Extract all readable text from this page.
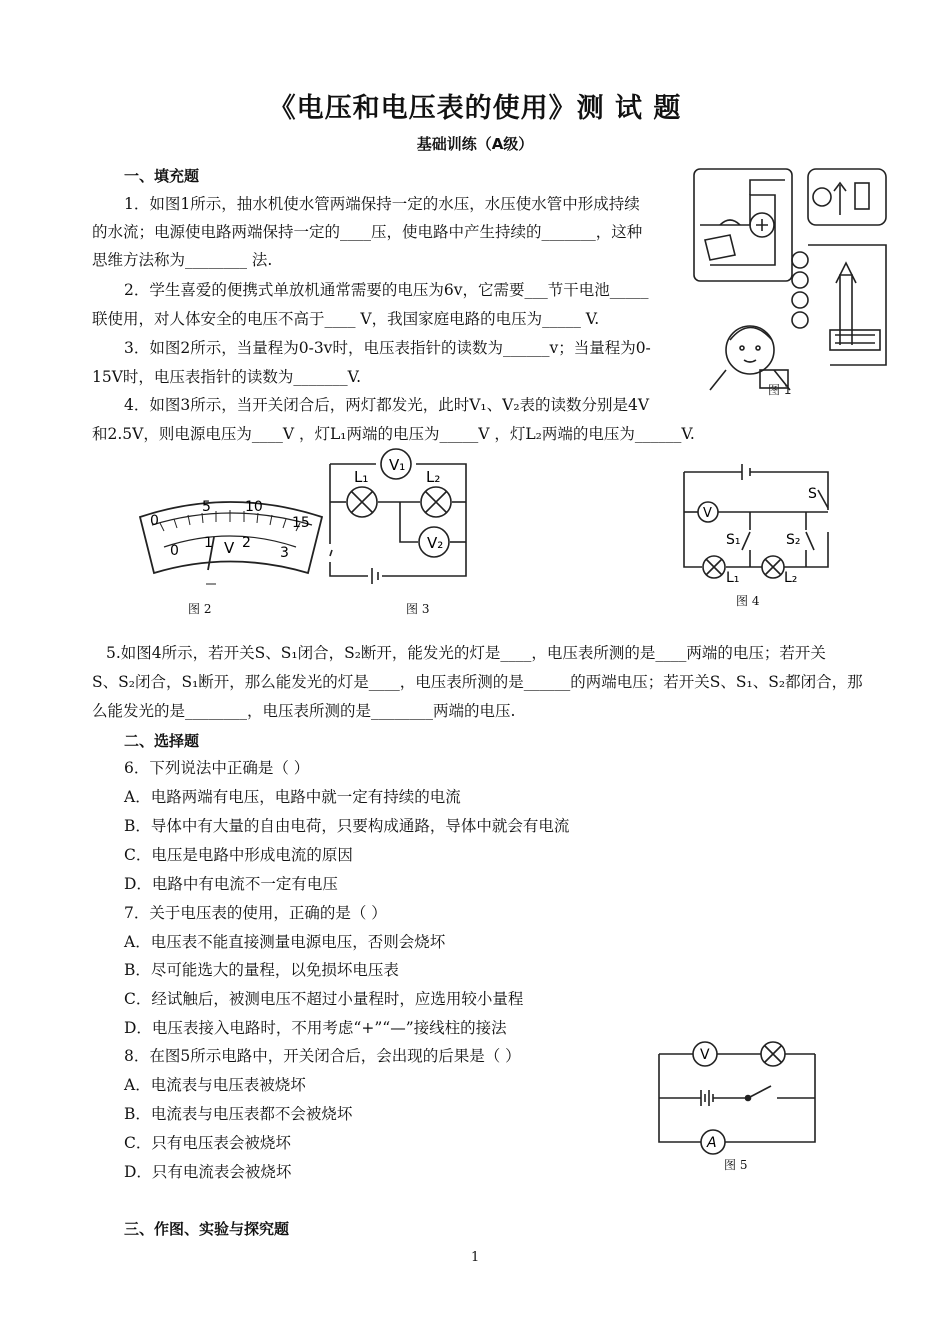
《电压和电压表的使用》测 试 题
基础训练（A级）
一、填充题
1．如图1所示，抽水机使水管两端保持一定的水压，水压使水管中形成持续
的水流；电源使电路两端保持一定的____压，使电路中产生持续的_______，这种
思维方法称为________ 法.
2．学生喜爱的便携式单放机通常需要的电压为6v，它需要___节干电池_____
联使用，对人体安全的电压不高于____ V，我国家庭电路的电压为_____ V.
3．如图2所示，当量程为0-3v时，电压表指针的读数为______v；当量程为0-
15V时，电压表指针的读数为_______V.
4．如图3所示，当开关闭合后，两灯都发光，此时V₁、V₂表的读数分别是4V
和2.5V，则电源电压为____V ，灯L₁两端的电压为_____V ，灯L₂两端的电压为______V.
图 1
0
5 10
15
0 1 2
3
V
图 2
V₁
V₂
L₁	L₂
图 3
V
S
S₁	S₂
L₁	L₂
图 4
5.如图4所示，若开关S、S₁闭合，S₂断开，能发光的灯是____，电压表所测的是____两端的电压；若开关
S、S₂闭合，S₁断开，那么能发光的灯是____，电压表所测的是______的两端电压；若开关S、S₁、S₂都闭合，那
么能发光的是________，电压表所测的是________两端的电压.
二、选择题
6．下列说法中正确是（ ）
A．电路两端有电压，电路中就一定有持续的电流
B．导体中有大量的自由电荷，只要构成通路，导体中就会有电流
C．电压是电路中形成电流的原因
D．电路中有电流不一定有电压
7．关于电压表的使用，正确的是（ ）
A．电压表不能直接测量电源电压，否则会烧坏
B．尽可能选大的量程，以免损坏电压表
C．经试触后，被测电压不超过小量程时，应选用较小量程
D．电压表接入电路时，不用考虑“+”“—”接线柱的接法
8．在图5所示电路中，开关闭合后，会出现的后果是（ ）
A．电流表与电压表被烧坏
B．电流表与电压表都不会被烧坏
C．只有电压表会被烧坏
D．只有电流表会被烧坏
V
A
图 5
三、作图、实验与探究题
1
